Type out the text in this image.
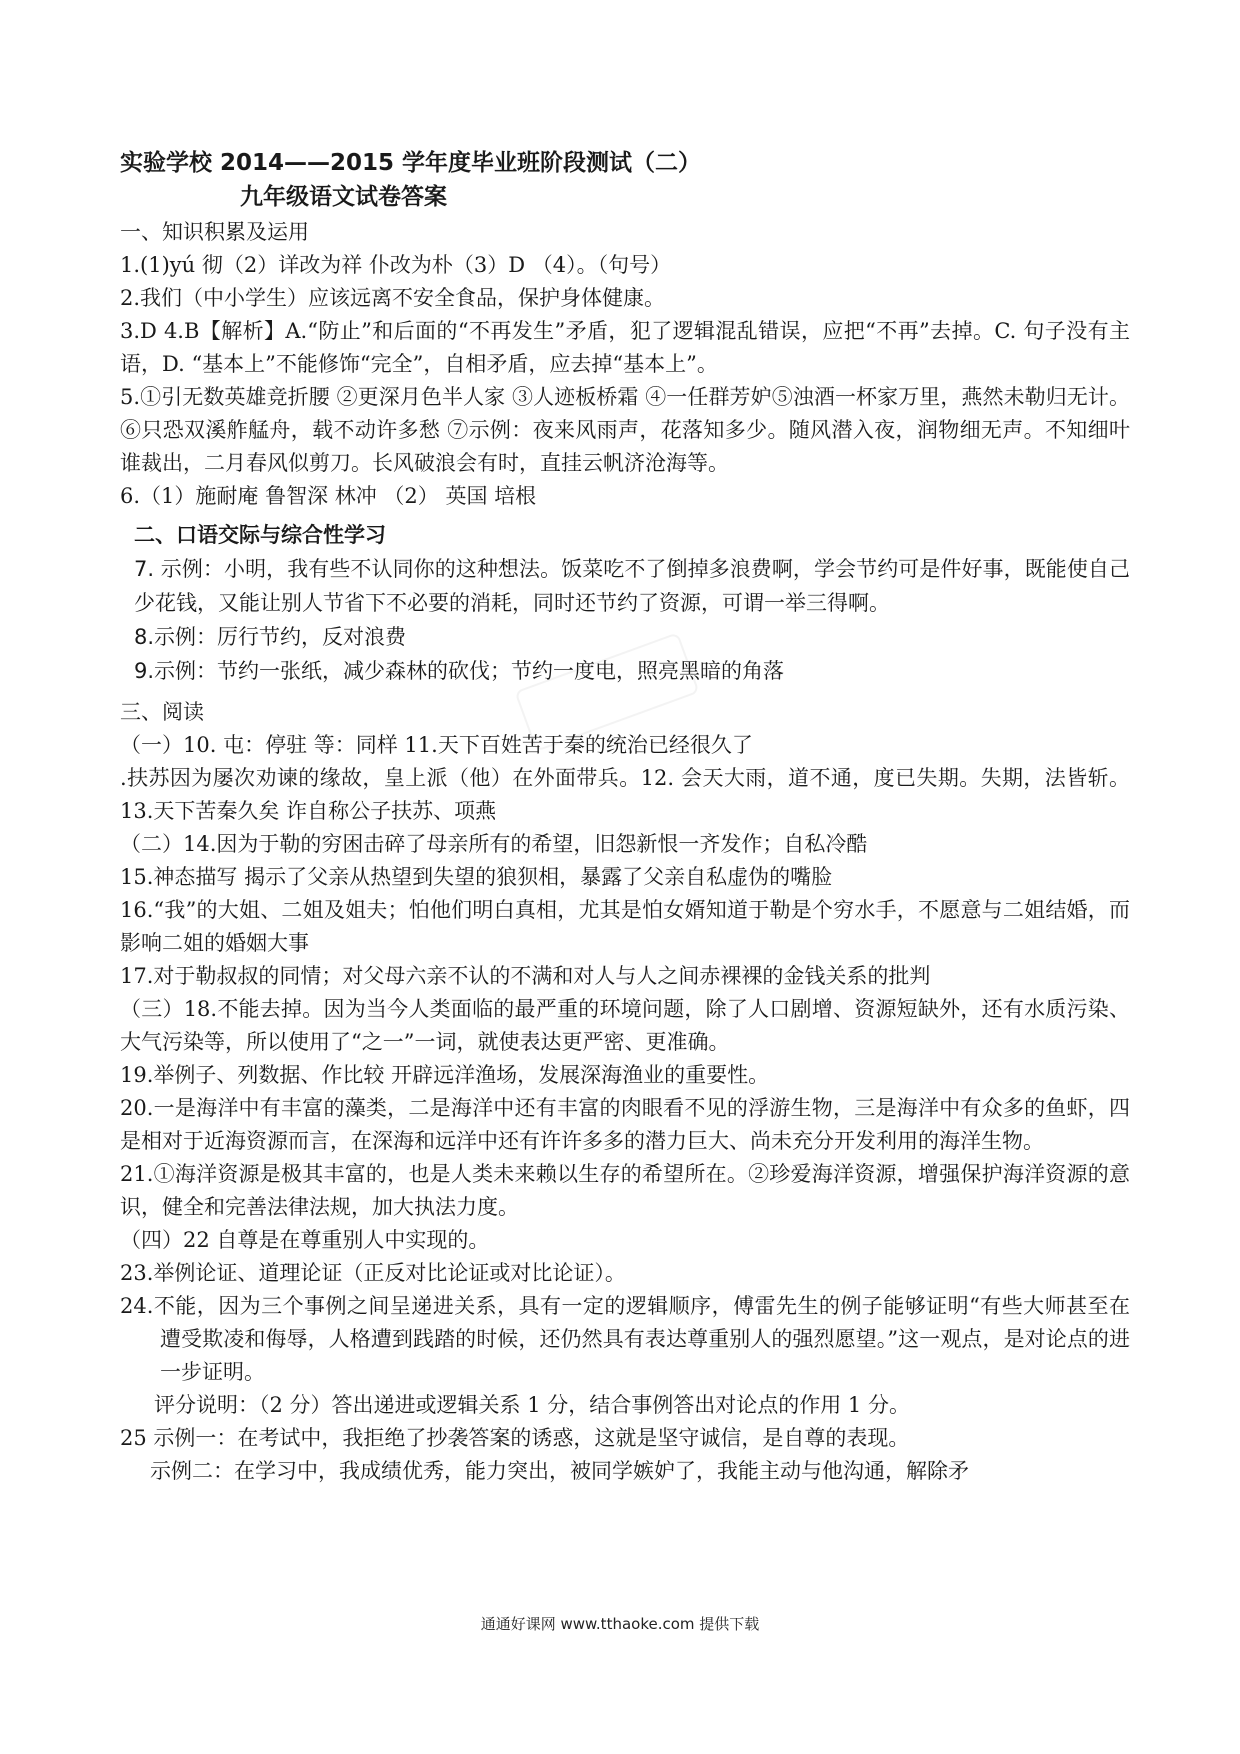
实验学校 2014——2015 学年度毕业班阶段测试（二）
九年级语文试卷答案

一、知识积累及运用

1.(1)yú 彻（2）详改为祥 仆改为朴（3）D （4）。（句号）

2.我们（中小学生）应该远离不安全食品，保护身体健康。

3.D 4.B【解析】A.“防止”和后面的“不再发生”矛盾，犯了逻辑混乱错误，应把“不再”去掉。C. 句子没有主语，D. “基本上”不能修饰“完全”，自相矛盾，应去掉“基本上”。

5.①引无数英雄竞折腰 ②更深月色半人家 ③人迹板桥霜 ④一任群芳妒⑤浊酒一杯家万里，燕然未勒归无计。 ⑥只恐双溪舴艋舟，载不动许多愁 ⑦示例：夜来风雨声，花落知多少。随风潜入夜，润物细无声。不知细叶谁裁出，二月春风似剪刀。长风破浪会有时，直挂云帆济沧海等。

6.（1）施耐庵 鲁智深 林冲 （2） 英国 培根

二、口语交际与综合性学习

7. 示例：小明，我有些不认同你的这种想法。饭菜吃不了倒掉多浪费啊，学会节约可是件好事，既能使自己少花钱，又能让别人节省下不必要的消耗，同时还节约了资源，可谓一举三得啊。

8.示例：厉行节约，反对浪费

9.示例：节约一张纸，减少森林的砍伐；节约一度电，照亮黑暗的角落

三、阅读

（一）10. 屯：停驻 等：同样 11.天下百姓苦于秦的统治已经很久了

.扶苏因为屡次劝谏的缘故，皇上派（他）在外面带兵。12. 会天大雨，道不通，度已失期。失期，法皆斩。13.天下苦秦久矣 诈自称公子扶苏、项燕

（二）14.因为于勒的穷困击碎了母亲所有的希望，旧怨新恨一齐发作；自私冷酷

15.神态描写 揭示了父亲从热望到失望的狼狈相，暴露了父亲自私虚伪的嘴脸

16.“我”的大姐、二姐及姐夫；怕他们明白真相，尤其是怕女婿知道于勒是个穷水手，不愿意与二姐结婚，而影响二姐的婚姻大事

17.对于勒叔叔的同情；对父母六亲不认的不满和对人与人之间赤裸裸的金钱关系的批判

（三）18.不能去掉。因为当今人类面临的最严重的环境问题，除了人口剧增、资源短缺外，还有水质污染、大气污染等，所以使用了“之一”一词，就使表达更严密、更准确。

19.举例子、列数据、作比较 开辟远洋渔场，发展深海渔业的重要性。

20.一是海洋中有丰富的藻类，二是海洋中还有丰富的肉眼看不见的浮游生物，三是海洋中有众多的鱼虾，四是相对于近海资源而言，在深海和远洋中还有许许多多的潜力巨大、尚未充分开发利用的海洋生物。

21.①海洋资源是极其丰富的，也是人类未来赖以生存的希望所在。②珍爱海洋资源，增强保护海洋资源的意识，健全和完善法律法规，加大执法力度。

（四）22 自尊是在尊重别人中实现的。

23.举例论证、道理论证（正反对比论证或对比论证）。

24.不能，因为三个事例之间呈递进关系，具有一定的逻辑顺序，傅雷先生的例子能够证明“有些大师甚至在遭受欺凌和侮辱，人格遭到践踏的时候，还仍然具有表达尊重别人的强烈愿望。”这一观点，是对论点的进一步证明。

评分说明：（2 分）答出递进或逻辑关系 1 分，结合事例答出对论点的作用 1 分。

25 示例一：在考试中，我拒绝了抄袭答案的诱惑，这就是坚守诚信，是自尊的表现。

示例二：在学习中，我成绩优秀，能力突出，被同学嫉妒了，我能主动与他沟通，解除矛

通通好课网 www.tthaoke.com 提供下载
